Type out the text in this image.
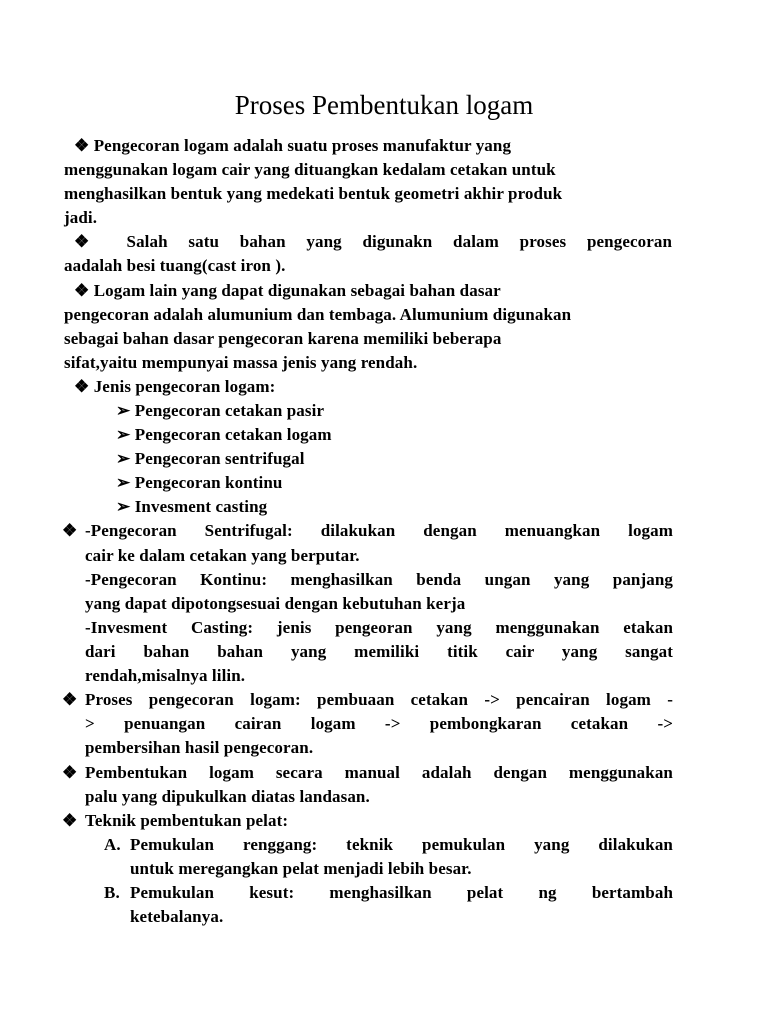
Proses Pembentukan logam
❖ Pengecoran logam adalah suatu proses manufaktur yang
menggunakan logam cair yang dituangkan kedalam cetakan untuk
menghasilkan bentuk yang medekati bentuk geometri akhir produk
jadi.
❖ Salah satu bahan yang digunakn dalam proses pengecoran
aadalah besi tuang(cast iron ).
❖ Logam lain yang dapat digunakan sebagai bahan dasar
pengecoran adalah alumunium dan tembaga. Alumunium digunakan
sebagai bahan dasar pengecoran karena memiliki beberapa
sifat,yaitu mempunyai massa jenis yang rendah.
❖ Jenis pengecoran logam:
➢ Pengecoran cetakan pasir
➢ Pengecoran cetakan logam
➢ Pengecoran sentrifugal
➢ Pengecoran kontinu
➢ Invesment casting
❖ -Pengecoran Sentrifugal: dilakukan dengan menuangkan logam
cair ke dalam cetakan yang berputar.
-Pengecoran Kontinu: menghasilkan benda ungan yang panjang
yang dapat dipotongsesuai dengan kebutuhan kerja
-Invesment Casting: jenis pengeoran yang menggunakan etakan
dari bahan bahan yang memiliki titik cair yang sangat
rendah,misalnya lilin.
❖ Proses pengecoran logam: pembuaan cetakan -> pencairan logam -
> penuangan cairan logam -> pembongkaran cetakan ->
pembersihan hasil pengecoran.
❖ Pembentukan logam secara manual adalah dengan menggunakan
palu yang dipukulkan diatas landasan.
❖ Teknik pembentukan pelat:
A. Pemukulan renggang: teknik pemukulan yang dilakukan
untuk meregangkan pelat menjadi lebih besar.
B. Pemukulan kesut: menghasilkan pelat ng bertambah
ketebalanya.
